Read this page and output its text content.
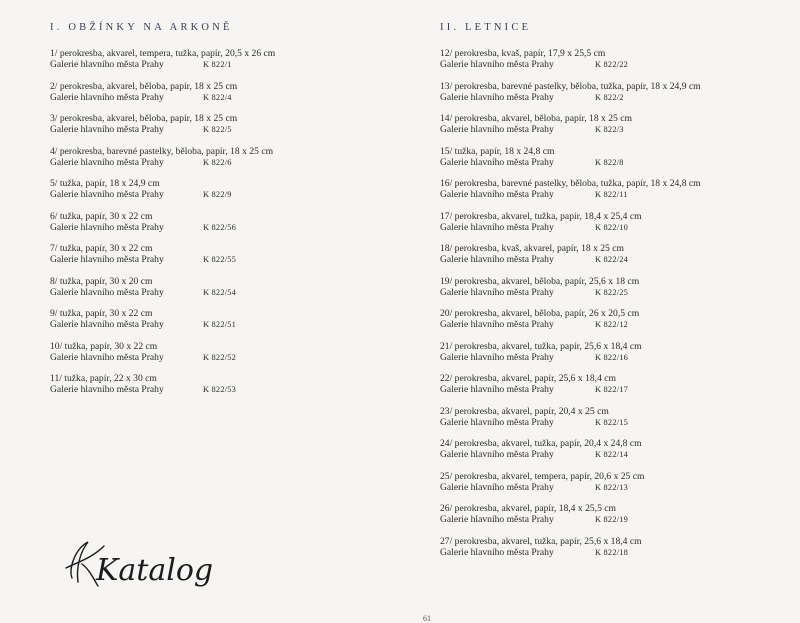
I. OBŽÍNKY NA ARKONĚ
1/ perokresba, akvarel, tempera, tužka, papír, 20,5 x 26 cm
Galerie hlavního města Prahy	K 822/1
2/ perokresba, akvarel, běloba, papír, 18 x 25 cm
Galerie hlavního města Prahy	K 822/4
3/ perokresba, akvarel, běloba, papír, 18 x 25 cm
Galerie hlavního města Prahy	K 822/5
4/ perokresba, barevné pastelky, běloba, papír, 18 x 25 cm
Galerie hlavního města Prahy	K 822/6
5/ tužka, papír, 18 x 24,9 cm
Galerie hlavního města Prahy	K 822/9
6/ tužka, papír, 30 x 22 cm
Galerie hlavního města Prahy	K 822/56
7/ tužka, papír, 30 x 22 cm
Galerie hlavního města Prahy	K 822/55
8/ tužka, papír, 30 x 20 cm
Galerie hlavního města Prahy	K 822/54
9/ tužka, papír, 30 x 22 cm
Galerie hlavního města Prahy	K 822/51
10/ tužka, papír, 30 x 22 cm
Galerie hlavního města Prahy	K 822/52
11/ tužka, papír, 22 x 30 cm
Galerie hlavního města Prahy	K 822/53
II. LETNICE
12/ perokresba, kvaš, papír, 17,9 x 25,5 cm
Galerie hlavního města Prahy	K 822/22
13/ perokresba, barevné pastelky, běloba, tužka, papír, 18 x 24,9 cm
Galerie hlavního města Prahy	K 822/2
14/ perokresba, akvarel, běloba, papír, 18 x 25 cm
Galerie hlavního města Prahy	K 822/3
15/ tužka, papír, 18 x 24,8 cm
Galerie hlavního města Prahy	K 822/8
16/ perokresba, barevné pastelky, běloba, tužka, papír, 18 x 24,8 cm
Galerie hlavního města Prahy	K 822/11
17/ perokresba, akvarel, tužka, papír, 18,4 x 25,4 cm
Galerie hlavního města Prahy	K 822/10
18/ perokresba, kvaš, akvarel, papír, 18 x 25 cm
Galerie hlavního města Prahy	K 822/24
19/ perokresba, akvarel, běloba, papír, 25,6 x 18 cm
Galerie hlavního města Prahy	K 822/25
20/ perokresba, akvarel, běloba, papír, 26 x 20,5 cm
Galerie hlavního města Prahy	K 822/12
21/ perokresba, akvarel, tužka, papír, 25,6 x 18,4 cm
Galerie hlavního města Prahy	K 822/16
22/ perokresba, akvarel, papír, 25,6 x 18,4 cm
Galerie hlavního města Prahy	K 822/17
23/ perokresba, akvarel, papír, 20,4 x 25 cm
Galerie hlavního města Prahy	K 822/15
24/ perokresba, akvarel, tužka, papír, 20,4 x 24,8 cm
Galerie hlavního města Prahy	K 822/14
25/ perokresba, akvarel, tempera, papír, 20,6 x 25 cm
Galerie hlavního města Prahy	K 822/13
26/ perokresba, akvarel, papír, 18,4 x 25,5 cm
Galerie hlavního města Prahy	K 822/19
27/ perokresba, akvarel, tužka, papír, 25,6 x 18,4 cm
Galerie hlavního města Prahy	K 822/18
Katalog
61
